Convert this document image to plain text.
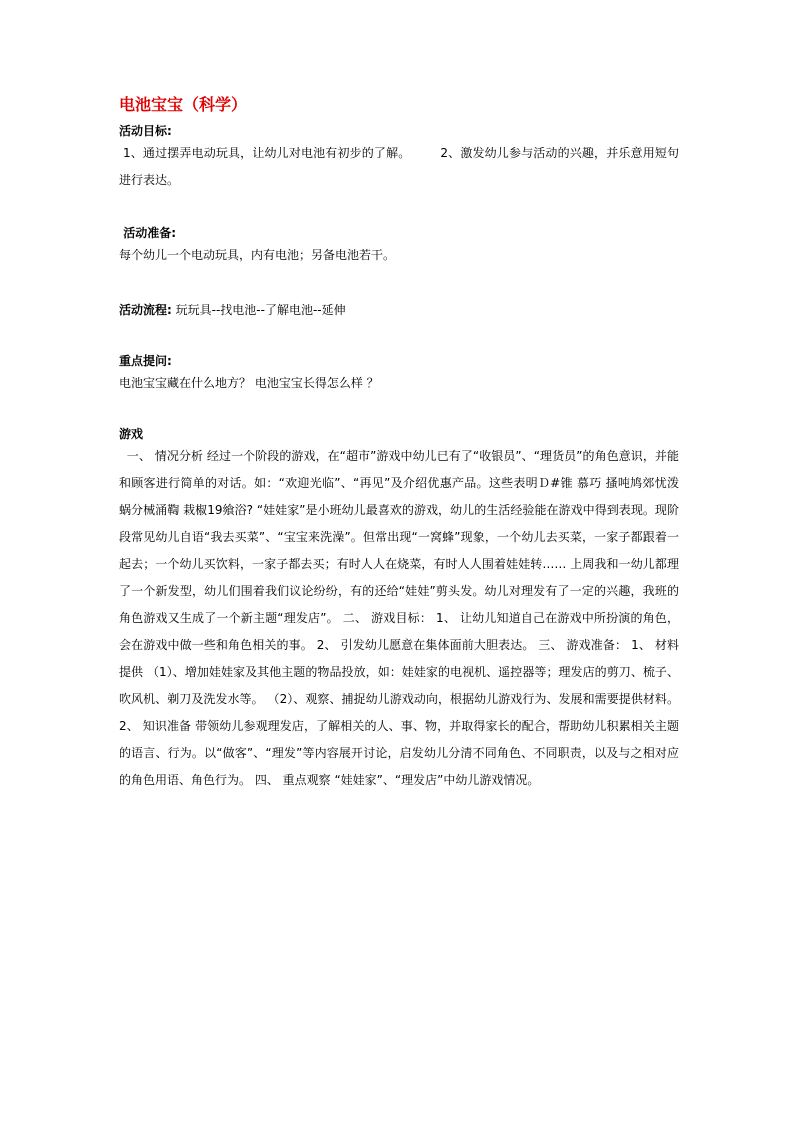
电池宝宝（科学）

活动目标:

1、通过摆弄电动玩具，让幼儿对电池有初步的了解。	2、激发幼儿参与活动的兴趣，并乐意用短句进行表达。

活动准备:

每个幼儿一个电动玩具，内有电池；另备电池若干。

活动流程: 玩玩具--找电池--了解电池--延伸

重点提问:

电池宝宝藏在什么地方？ 电池宝宝长得怎么样 ？

游戏

一、 情况分析 经过一个阶段的游戏，在“超市”游戏中幼儿已有了“收银员”、“理货员”的角色意识，并能和顾客进行简单的对话。如：“欢迎光临”、“再见”及介绍优惠产品。这些表明Ｄ#锥 慕巧 搔吨鸠郊忧泼 蜗分械涌鞫 栽椒19飨浴? “娃娃家”是小班幼儿最喜欢的游戏，幼儿的生活经验能在游戏中得到表现。现阶段常见幼儿自语“我去买菜”、“宝宝来洗澡”。但常出现“一窝蜂”现象，一个幼儿去买菜，一家子都跟着一起去；一个幼儿买饮料，一家子都去买；有时人人在烧菜，有时人人围着娃娃转…… 上周我和一幼儿都理了一个新发型，幼儿们围着我们议论纷纷，有的还给“娃娃”剪头发。幼儿对理发有了一定的兴趣，我班的角色游戏又生成了一个新主题“理发店”。 二、 游戏目标： 1、 让幼儿知道自己在游戏中所扮演的角色，会在游戏中做一些和角色相关的事。 2、 引发幼儿愿意在集体面前大胆表达。 三、 游戏准备： 1、 材料提供 （1）、增加娃娃家及其他主题的物品投放，如：娃娃家的电视机、遥控器等；理发店的剪刀、梳子、吹风机、剃刀及洗发水等。 （2）、观察、捕捉幼儿游戏动向，根据幼儿游戏行为、发展和需要提供材料。 2、 知识准备 带领幼儿参观理发店，了解相关的人、事、物，并取得家长的配合，帮助幼儿积累相关主题的语言、行为。以“做客”、“理发”等内容展开讨论，启发幼儿分清不同角色、不同职责，以及与之相对应的角色用语、角色行为。 四、 重点观察 “娃娃家”、“理发店”中幼儿游戏情况。
